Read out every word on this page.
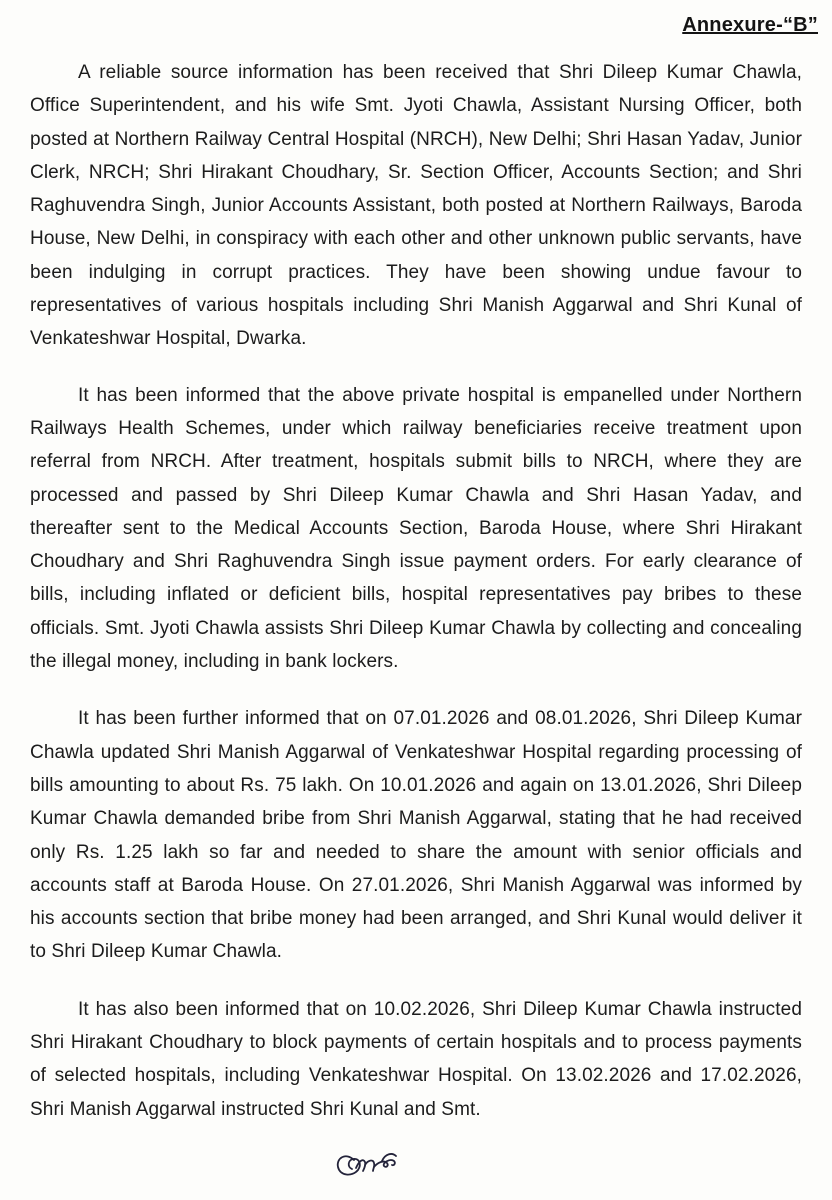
Annexure-“B”

A reliable source information has been received that Shri Dileep Kumar Chawla, Office Superintendent, and his wife Smt. Jyoti Chawla, Assistant Nursing Officer, both posted at Northern Railway Central Hospital (NRCH), New Delhi; Shri Hasan Yadav, Junior Clerk, NRCH; Shri Hirakant Choudhary, Sr. Section Officer, Accounts Section; and Shri Raghuvendra Singh, Junior Accounts Assistant, both posted at Northern Railways, Baroda House, New Delhi, in conspiracy with each other and other unknown public servants, have been indulging in corrupt practices. They have been showing undue favour to representatives of various hospitals including Shri Manish Aggarwal and Shri Kunal of Venkateshwar Hospital, Dwarka.

It has been informed that the above private hospital is empanelled under Northern Railways Health Schemes, under which railway beneficiaries receive treatment upon referral from NRCH. After treatment, hospitals submit bills to NRCH, where they are processed and passed by Shri Dileep Kumar Chawla and Shri Hasan Yadav, and thereafter sent to the Medical Accounts Section, Baroda House, where Shri Hirakant Choudhary and Shri Raghuvendra Singh issue payment orders. For early clearance of bills, including inflated or deficient bills, hospital representatives pay bribes to these officials. Smt. Jyoti Chawla assists Shri Dileep Kumar Chawla by collecting and concealing the illegal money, including in bank lockers.

It has been further informed that on 07.01.2026 and 08.01.2026, Shri Dileep Kumar Chawla updated Shri Manish Aggarwal of Venkateshwar Hospital regarding processing of bills amounting to about Rs. 75 lakh. On 10.01.2026 and again on 13.01.2026, Shri Dileep Kumar Chawla demanded bribe from Shri Manish Aggarwal, stating that he had received only Rs. 1.25 lakh so far and needed to share the amount with senior officials and accounts staff at Baroda House. On 27.01.2026, Shri Manish Aggarwal was informed by his accounts section that bribe money had been arranged, and Shri Kunal would deliver it to Shri Dileep Kumar Chawla.

It has also been informed that on 10.02.2026, Shri Dileep Kumar Chawla instructed Shri Hirakant Choudhary to block payments of certain hospitals and to process payments of selected hospitals, including Venkateshwar Hospital. On 13.02.2026 and 17.02.2026, Shri Manish Aggarwal instructed Shri Kunal and Smt.
